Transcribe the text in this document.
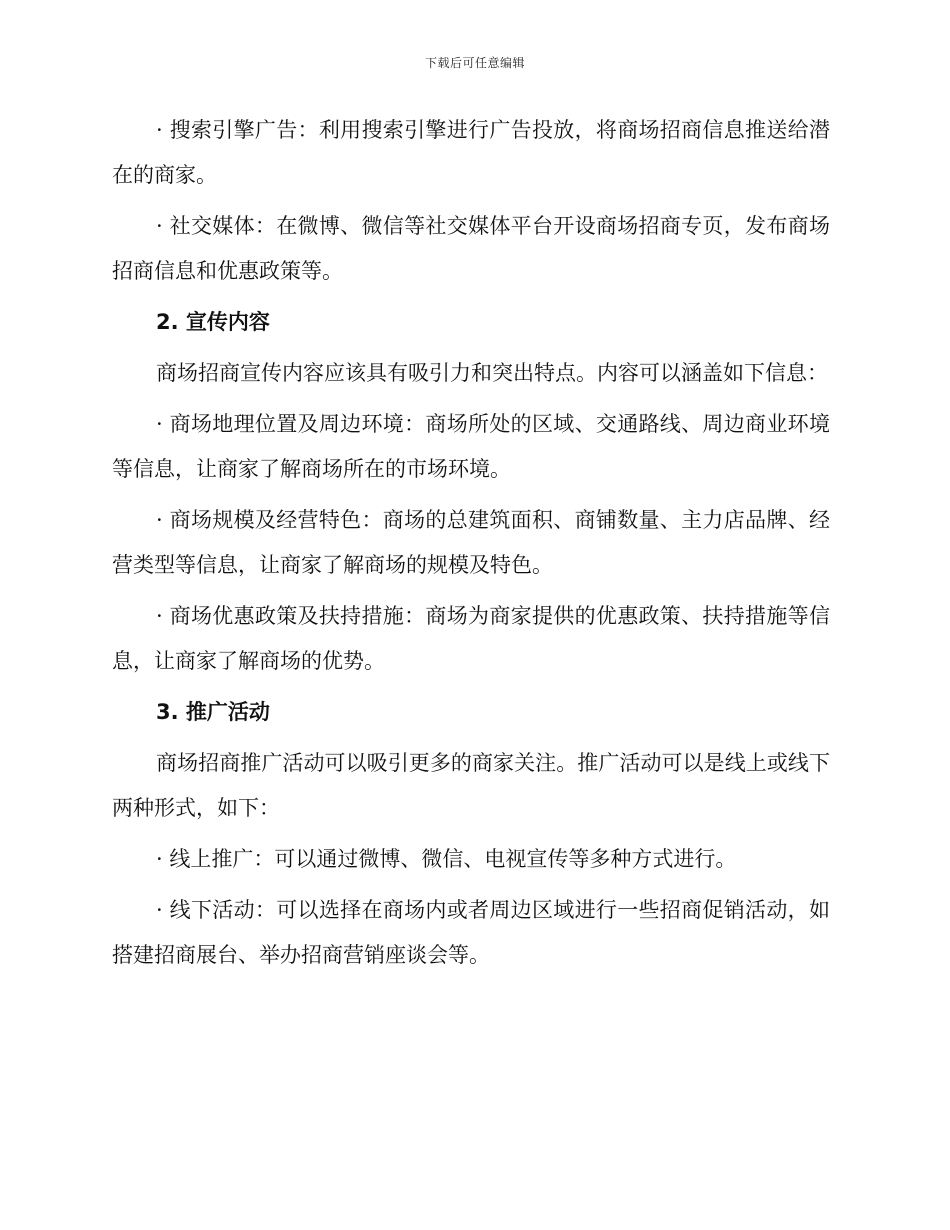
下载后可任意编辑

· 搜索引擎广告：利用搜索引擎进行广告投放，将商场招商信息推送给潜在的商家。

· 社交媒体：在微博、微信等社交媒体平台开设商场招商专页，发布商场招商信息和优惠政策等。

2. 宣传内容

商场招商宣传内容应该具有吸引力和突出特点。内容可以涵盖如下信息：

· 商场地理位置及周边环境：商场所处的区域、交通路线、周边商业环境等信息，让商家了解商场所在的市场环境。

· 商场规模及经营特色：商场的总建筑面积、商铺数量、主力店品牌、经营类型等信息，让商家了解商场的规模及特色。

· 商场优惠政策及扶持措施：商场为商家提供的优惠政策、扶持措施等信息，让商家了解商场的优势。

3. 推广活动

商场招商推广活动可以吸引更多的商家关注。推广活动可以是线上或线下两种形式，如下：

· 线上推广：可以通过微博、微信、电视宣传等多种方式进行。

· 线下活动：可以选择在商场内或者周边区域进行一些招商促销活动，如搭建招商展台、举办招商营销座谈会等。
